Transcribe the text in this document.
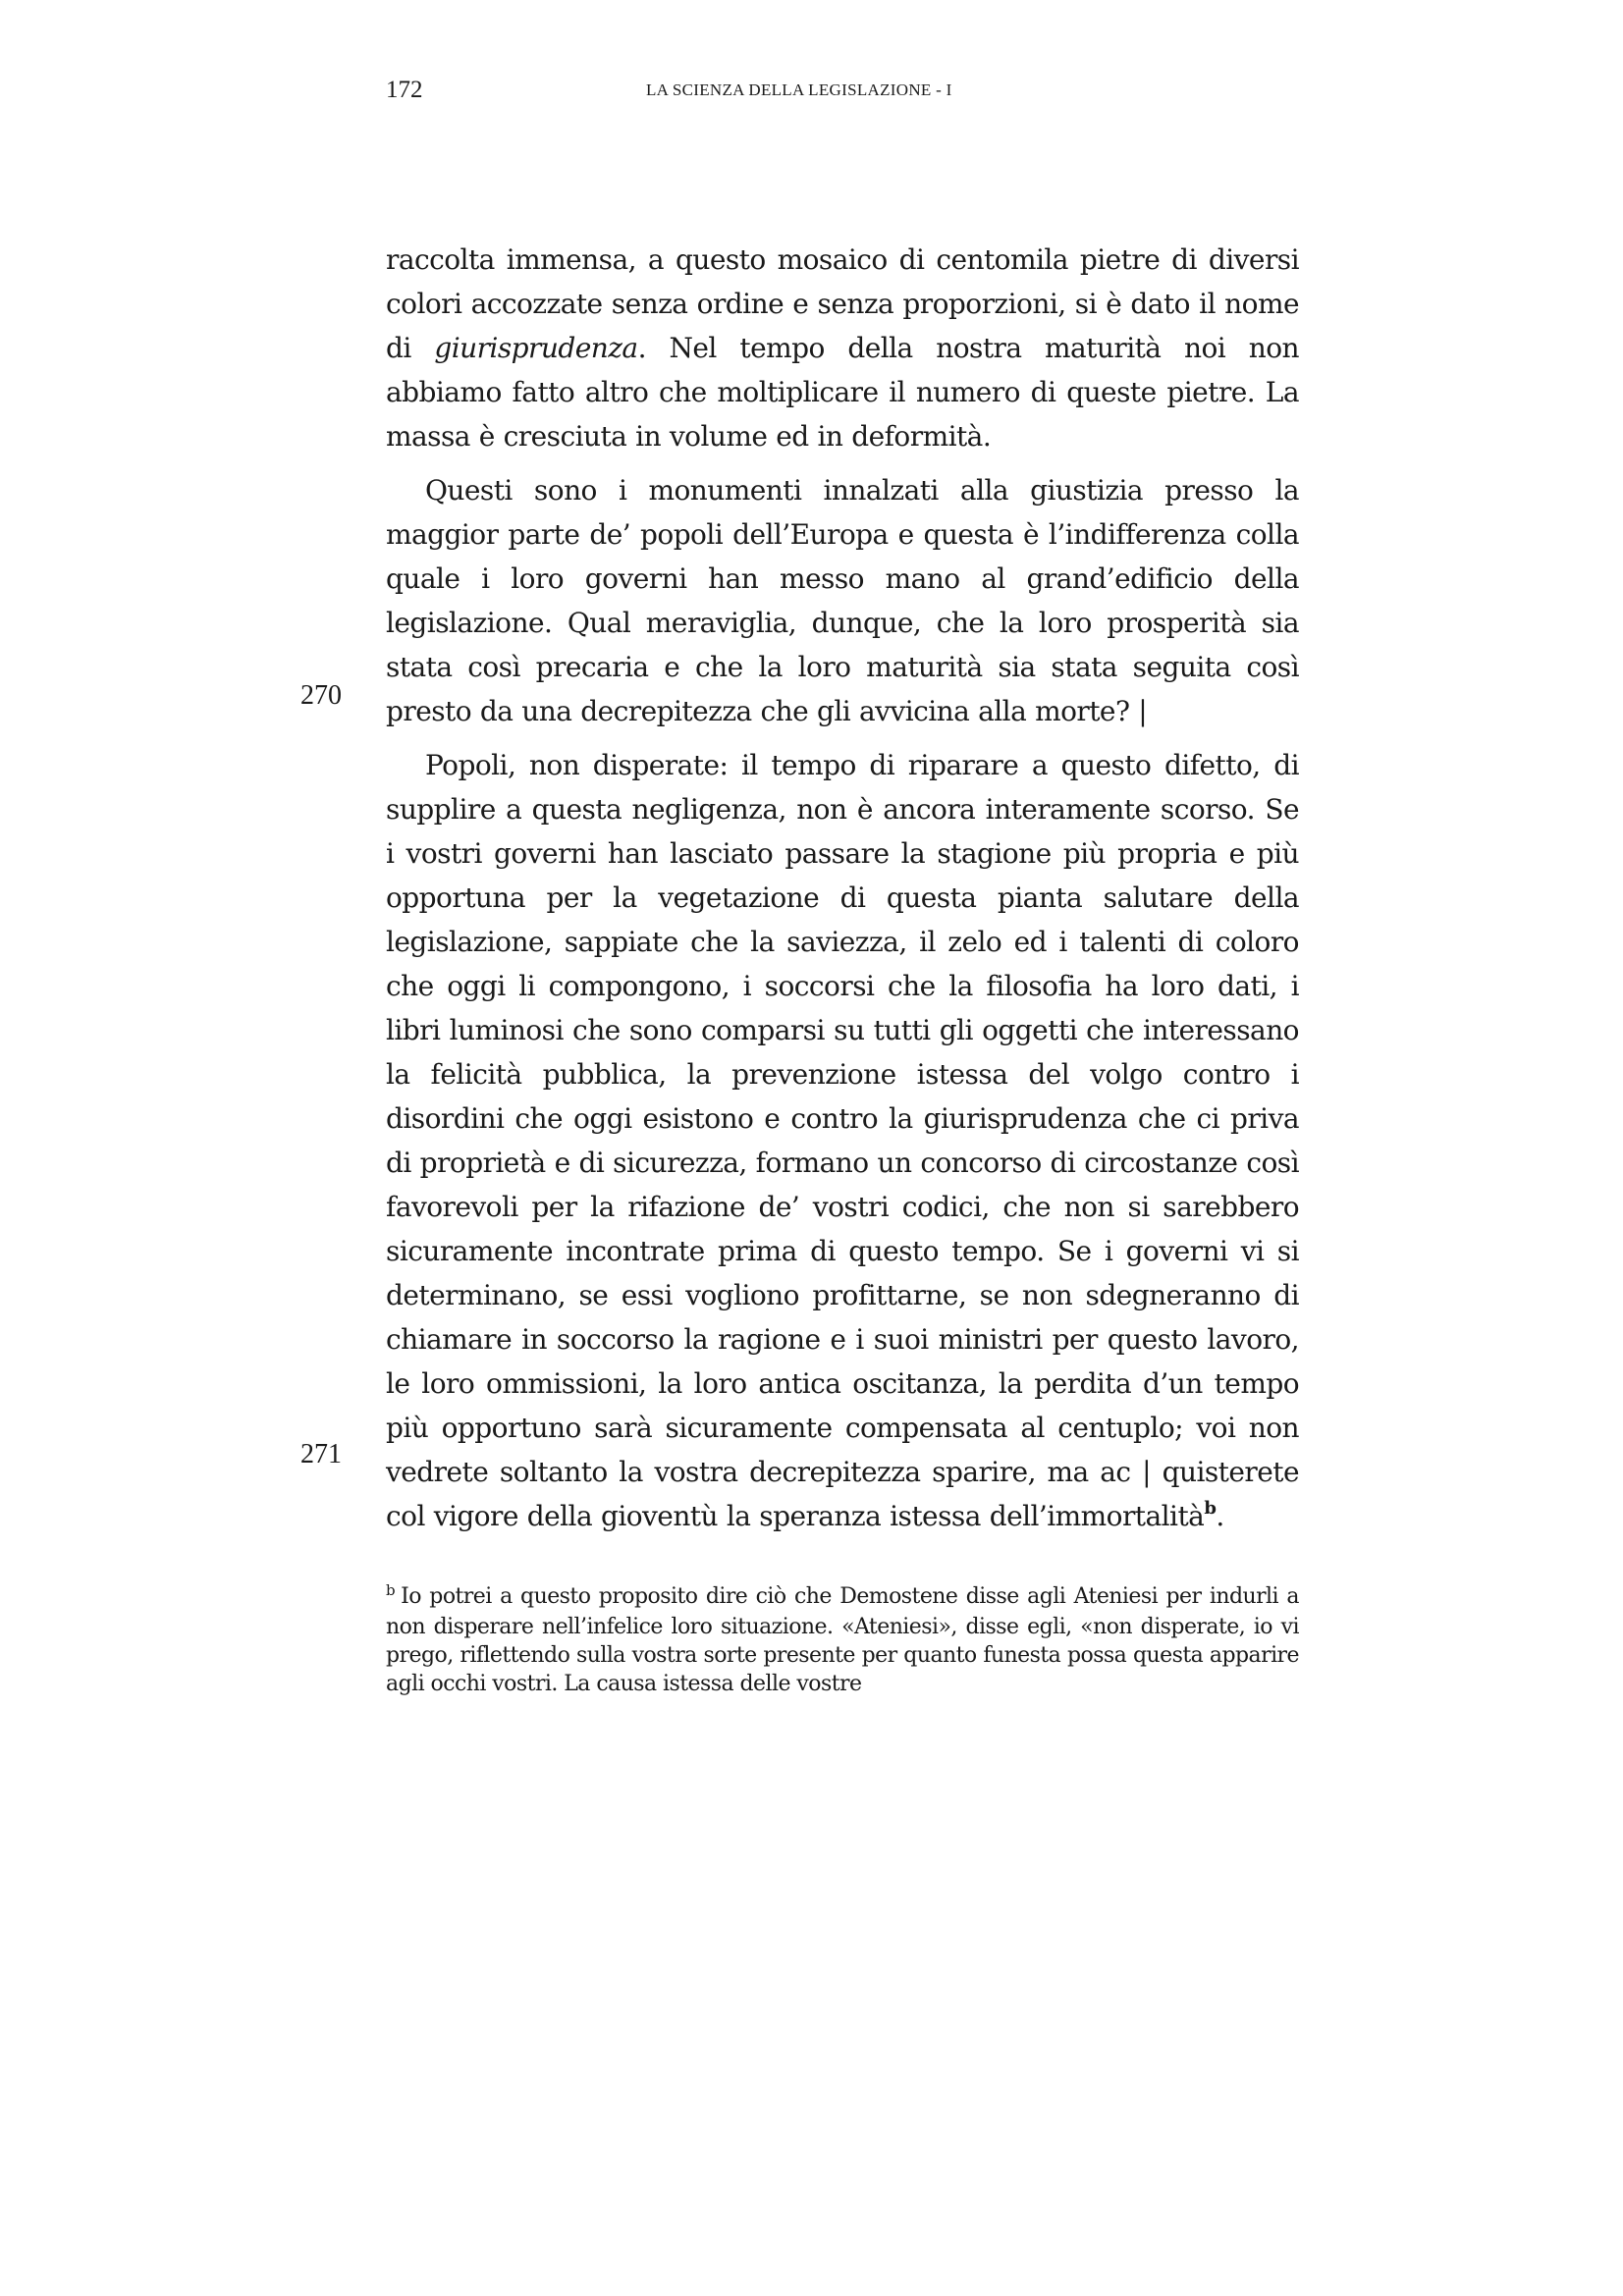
172	LA SCIENZA DELLA LEGISLAZIONE - I
270
271

raccolta immensa, a questo mosaico di centomila pietre di diversi colori accozzate senza ordine e senza proporzioni, si è dato il nome di giurisprudenza. Nel tempo della nostra maturità noi non abbiamo fatto altro che moltiplicare il numero di queste pietre. La massa è cresciuta in volume ed in deformità.

Questi sono i monumenti innalzati alla giustizia presso la maggior parte de’ popoli dell’Europa e questa è l’indifferenza colla quale i loro governi han messo mano al grand’edificio della legislazione. Qual meraviglia, dunque, che la loro prosperità sia stata così precaria e che la loro maturità sia stata seguita così presto da una decrepitezza che gli avvicina alla morte? |

Popoli, non disperate: il tempo di riparare a questo difetto, di supplire a questa negligenza, non è ancora interamente scorso. Se i vostri governi han lasciato passare la stagione più propria e più opportuna per la vegetazione di questa pianta salutare della legislazione, sappiate che la saviezza, il zelo ed i talenti di coloro che oggi li compongono, i soccorsi che la filosofia ha loro dati, i libri luminosi che sono comparsi su tutti gli oggetti che interessano la felicità pubblica, la prevenzione istessa del volgo contro i disordini che oggi esistono e contro la giurisprudenza che ci priva di proprietà e di sicurezza, formano un concorso di circostanze così favorevoli per la rifazione de’ vostri codici, che non si sarebbero sicuramente incontrate prima di questo tempo. Se i governi vi si determinano, se essi vogliono profittarne, se non sdegneranno di chiamare in soccorso la ragione e i suoi ministri per questo lavoro, le loro ommissioni, la loro antica oscitanza, la perdita d’un tempo più opportuno sarà sicuramente compensata al centuplo; voi non vedrete soltanto la vostra decrepitezza sparire, ma ac | quisterete col vigore della gioventù la speranza istessa dell’immortalità$^b$.

$^b$ Io potrei a questo proposito dire ciò che Demostene disse agli Ateniesi per indurli a non disperare nell’infelice loro situazione. «Ateniesi», disse egli, «non disperate, io vi prego, riflettendo sulla vostra sorte presente per quanto funesta possa questa apparire agli occhi vostri. La causa istessa delle vostre
